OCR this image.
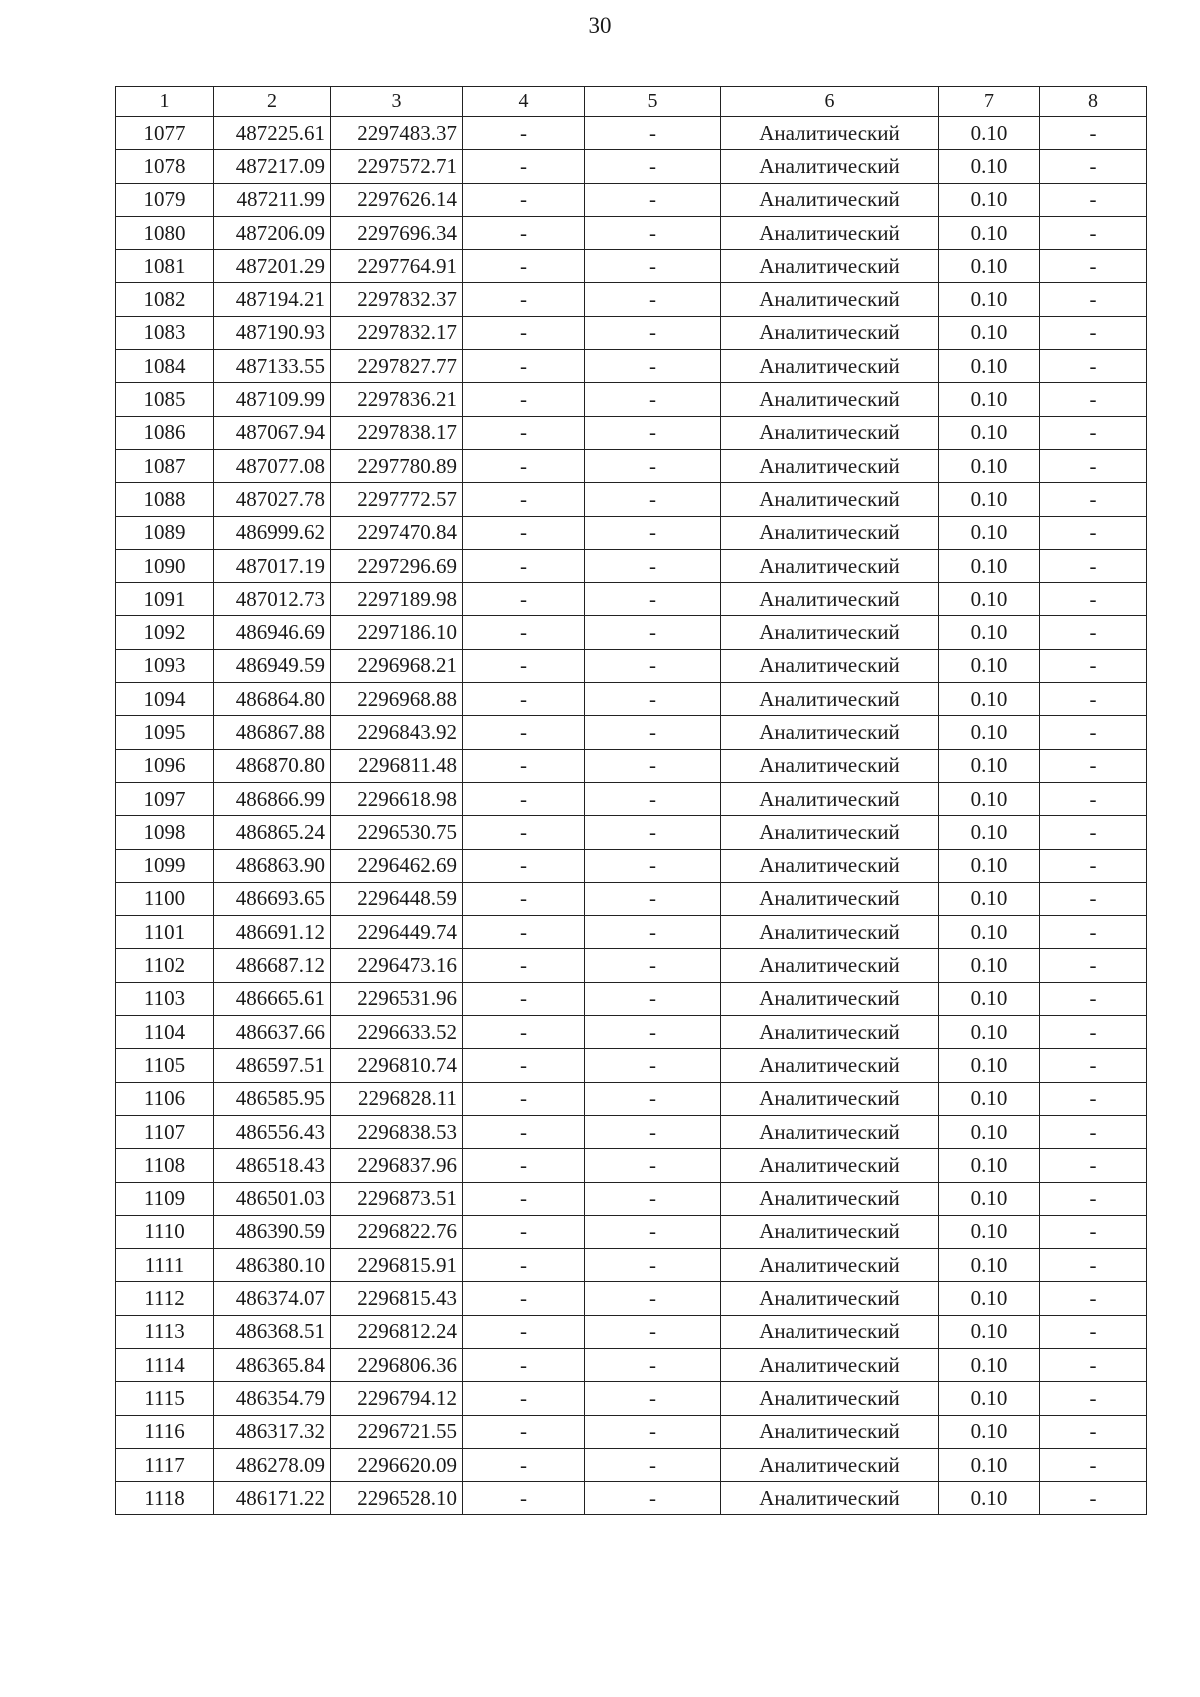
30
1	2	3	4	5	6	7	8
1077	487225.61	2297483.37	-	-	Аналитический	0.10	-
1078	487217.09	2297572.71	-	-	Аналитический	0.10	-
1079	487211.99	2297626.14	-	-	Аналитический	0.10	-
1080	487206.09	2297696.34	-	-	Аналитический	0.10	-
1081	487201.29	2297764.91	-	-	Аналитический	0.10	-
1082	487194.21	2297832.37	-	-	Аналитический	0.10	-
1083	487190.93	2297832.17	-	-	Аналитический	0.10	-
1084	487133.55	2297827.77	-	-	Аналитический	0.10	-
1085	487109.99	2297836.21	-	-	Аналитический	0.10	-
1086	487067.94	2297838.17	-	-	Аналитический	0.10	-
1087	487077.08	2297780.89	-	-	Аналитический	0.10	-
1088	487027.78	2297772.57	-	-	Аналитический	0.10	-
1089	486999.62	2297470.84	-	-	Аналитический	0.10	-
1090	487017.19	2297296.69	-	-	Аналитический	0.10	-
1091	487012.73	2297189.98	-	-	Аналитический	0.10	-
1092	486946.69	2297186.10	-	-	Аналитический	0.10	-
1093	486949.59	2296968.21	-	-	Аналитический	0.10	-
1094	486864.80	2296968.88	-	-	Аналитический	0.10	-
1095	486867.88	2296843.92	-	-	Аналитический	0.10	-
1096	486870.80	2296811.48	-	-	Аналитический	0.10	-
1097	486866.99	2296618.98	-	-	Аналитический	0.10	-
1098	486865.24	2296530.75	-	-	Аналитический	0.10	-
1099	486863.90	2296462.69	-	-	Аналитический	0.10	-
1100	486693.65	2296448.59	-	-	Аналитический	0.10	-
1101	486691.12	2296449.74	-	-	Аналитический	0.10	-
1102	486687.12	2296473.16	-	-	Аналитический	0.10	-
1103	486665.61	2296531.96	-	-	Аналитический	0.10	-
1104	486637.66	2296633.52	-	-	Аналитический	0.10	-
1105	486597.51	2296810.74	-	-	Аналитический	0.10	-
1106	486585.95	2296828.11	-	-	Аналитический	0.10	-
1107	486556.43	2296838.53	-	-	Аналитический	0.10	-
1108	486518.43	2296837.96	-	-	Аналитический	0.10	-
1109	486501.03	2296873.51	-	-	Аналитический	0.10	-
1110	486390.59	2296822.76	-	-	Аналитический	0.10	-
1111	486380.10	2296815.91	-	-	Аналитический	0.10	-
1112	486374.07	2296815.43	-	-	Аналитический	0.10	-
1113	486368.51	2296812.24	-	-	Аналитический	0.10	-
1114	486365.84	2296806.36	-	-	Аналитический	0.10	-
1115	486354.79	2296794.12	-	-	Аналитический	0.10	-
1116	486317.32	2296721.55	-	-	Аналитический	0.10	-
1117	486278.09	2296620.09	-	-	Аналитический	0.10	-
1118	486171.22	2296528.10	-	-	Аналитический	0.10	-
